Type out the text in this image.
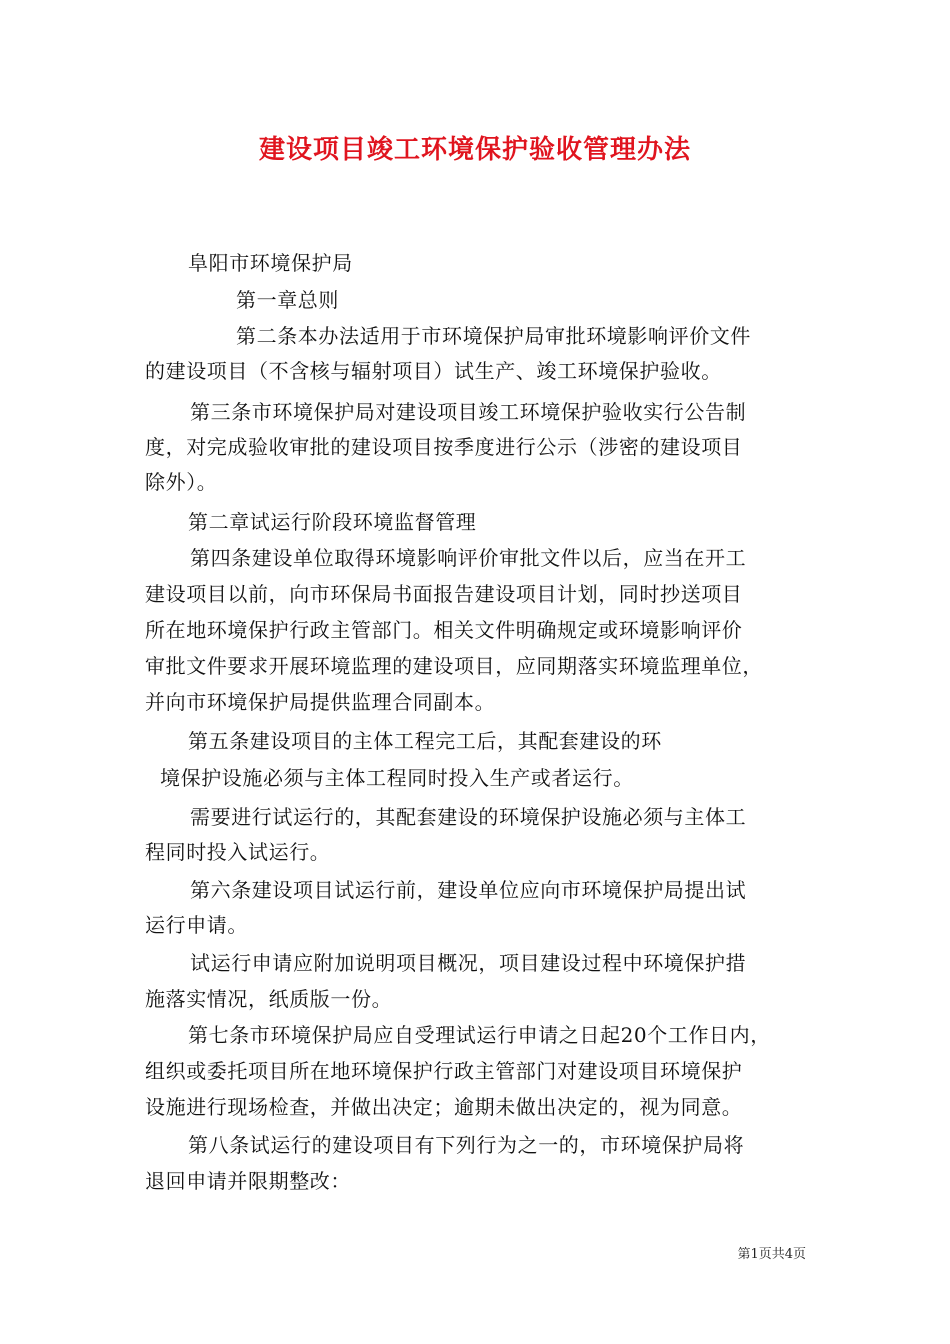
建设项目竣工环境保护验收管理办法
阜阳市环境保护局
第一章总则
第二条本办法适用于市环境保护局审批环境影响评价文件
的建设项目（不含核与辐射项目）试生产、竣工环境保护验收。
第三条市环境保护局对建设项目竣工环境保护验收实行公告制
度，对完成验收审批的建设项目按季度进行公示（涉密的建设项目
除外）。
第二章试运行阶段环境监督管理
第四条建设单位取得环境影响评价审批文件以后，应当在开工
建设项目以前，向市环保局书面报告建设项目计划，同时抄送项目
所在地环境保护行政主管部门。相关文件明确规定或环境影响评价
审批文件要求开展环境监理的建设项目，应同期落实环境监理单位，
并向市环境保护局提供监理合同副本。
第五条建设项目的主体工程完工后，其配套建设的环
境保护设施必须与主体工程同时投入生产或者运行。
需要进行试运行的，其配套建设的环境保护设施必须与主体工
程同时投入试运行。
第六条建设项目试运行前，建设单位应向市环境保护局提出试
运行申请。
试运行申请应附加说明项目概况，项目建设过程中环境保护措
施落实情况，纸质版一份。
第七条市环境保护局应自受理试运行申请之日起20个工作日内，
组织或委托项目所在地环境保护行政主管部门对建设项目环境保护
设施进行现场检查，并做出决定；逾期未做出决定的，视为同意。
第八条试运行的建设项目有下列行为之一的，市环境保护局将
退回申请并限期整改：
第1页共4页
